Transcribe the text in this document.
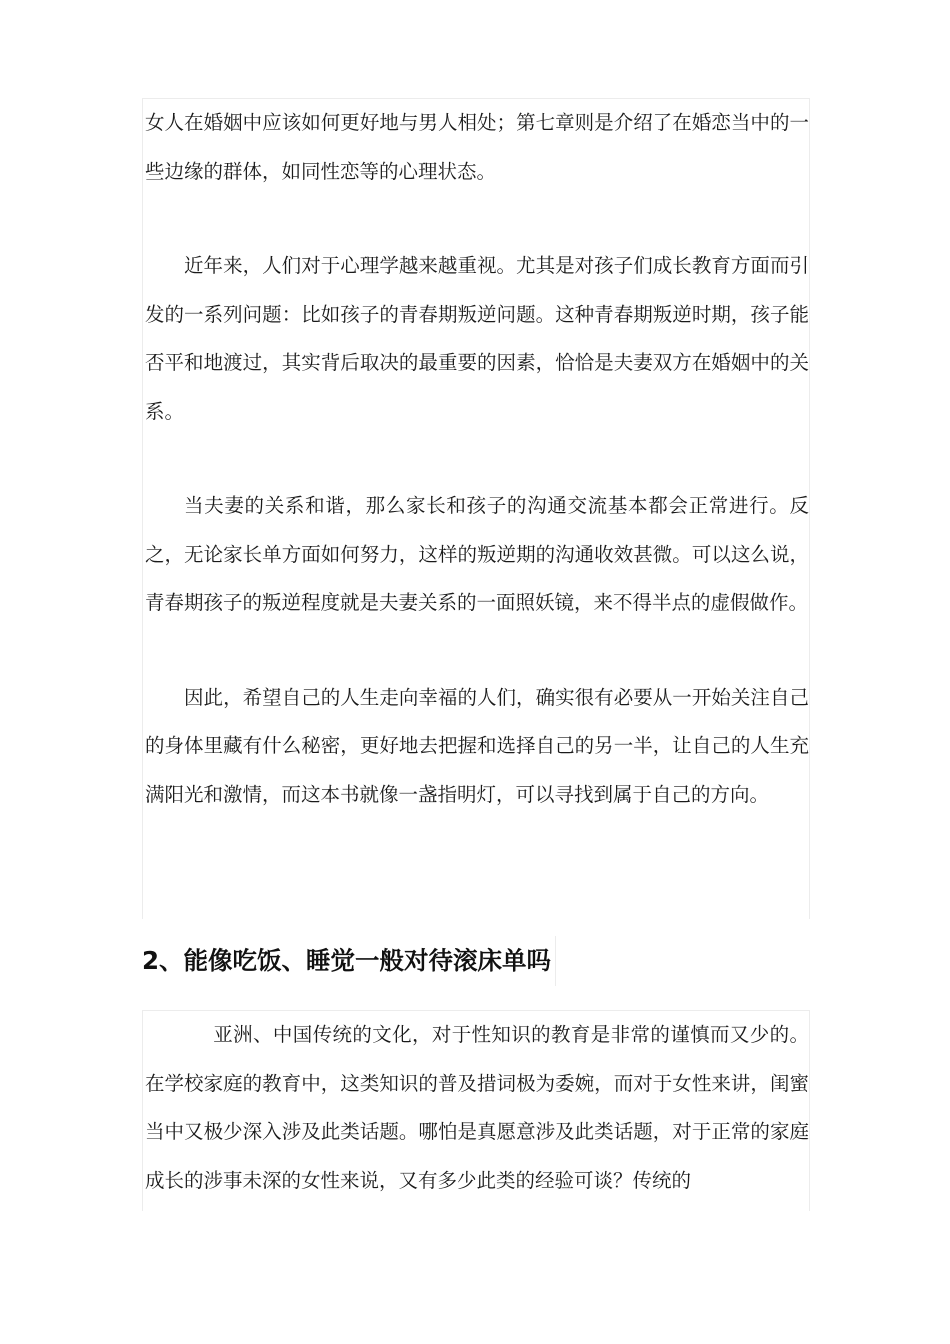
女人在婚姻中应该如何更好地与男人相处；第七章则是介绍了在婚恋当中的一些边缘的群体，如同性恋等的心理状态。

近年来，人们对于心理学越来越重视。尤其是对孩子们成长教育方面而引发的一系列问题：比如孩子的青春期叛逆问题。这种青春期叛逆时期，孩子能否平和地渡过，其实背后取决的最重要的因素，恰恰是夫妻双方在婚姻中的关系。

当夫妻的关系和谐，那么家长和孩子的沟通交流基本都会正常进行。反之，无论家长单方面如何努力，这样的叛逆期的沟通收效甚微。可以这么说，青春期孩子的叛逆程度就是夫妻关系的一面照妖镜，来不得半点的虚假做作。

因此，希望自己的人生走向幸福的人们，确实很有必要从一开始关注自己的身体里藏有什么秘密，更好地去把握和选择自己的另一半，让自己的人生充满阳光和激情，而这本书就像一盏指明灯，可以寻找到属于自己的方向。

2、能像吃饭、睡觉一般对待滚床单吗

亚洲、中国传统的文化，对于性知识的教育是非常的谨慎而又少的。在学校家庭的教育中，这类知识的普及措词极为委婉，而对于女性来讲，闺蜜当中又极少深入涉及此类话题。哪怕是真愿意涉及此类话题，对于正常的家庭成长的涉事未深的女性来说，又有多少此类的经验可谈？传统的
